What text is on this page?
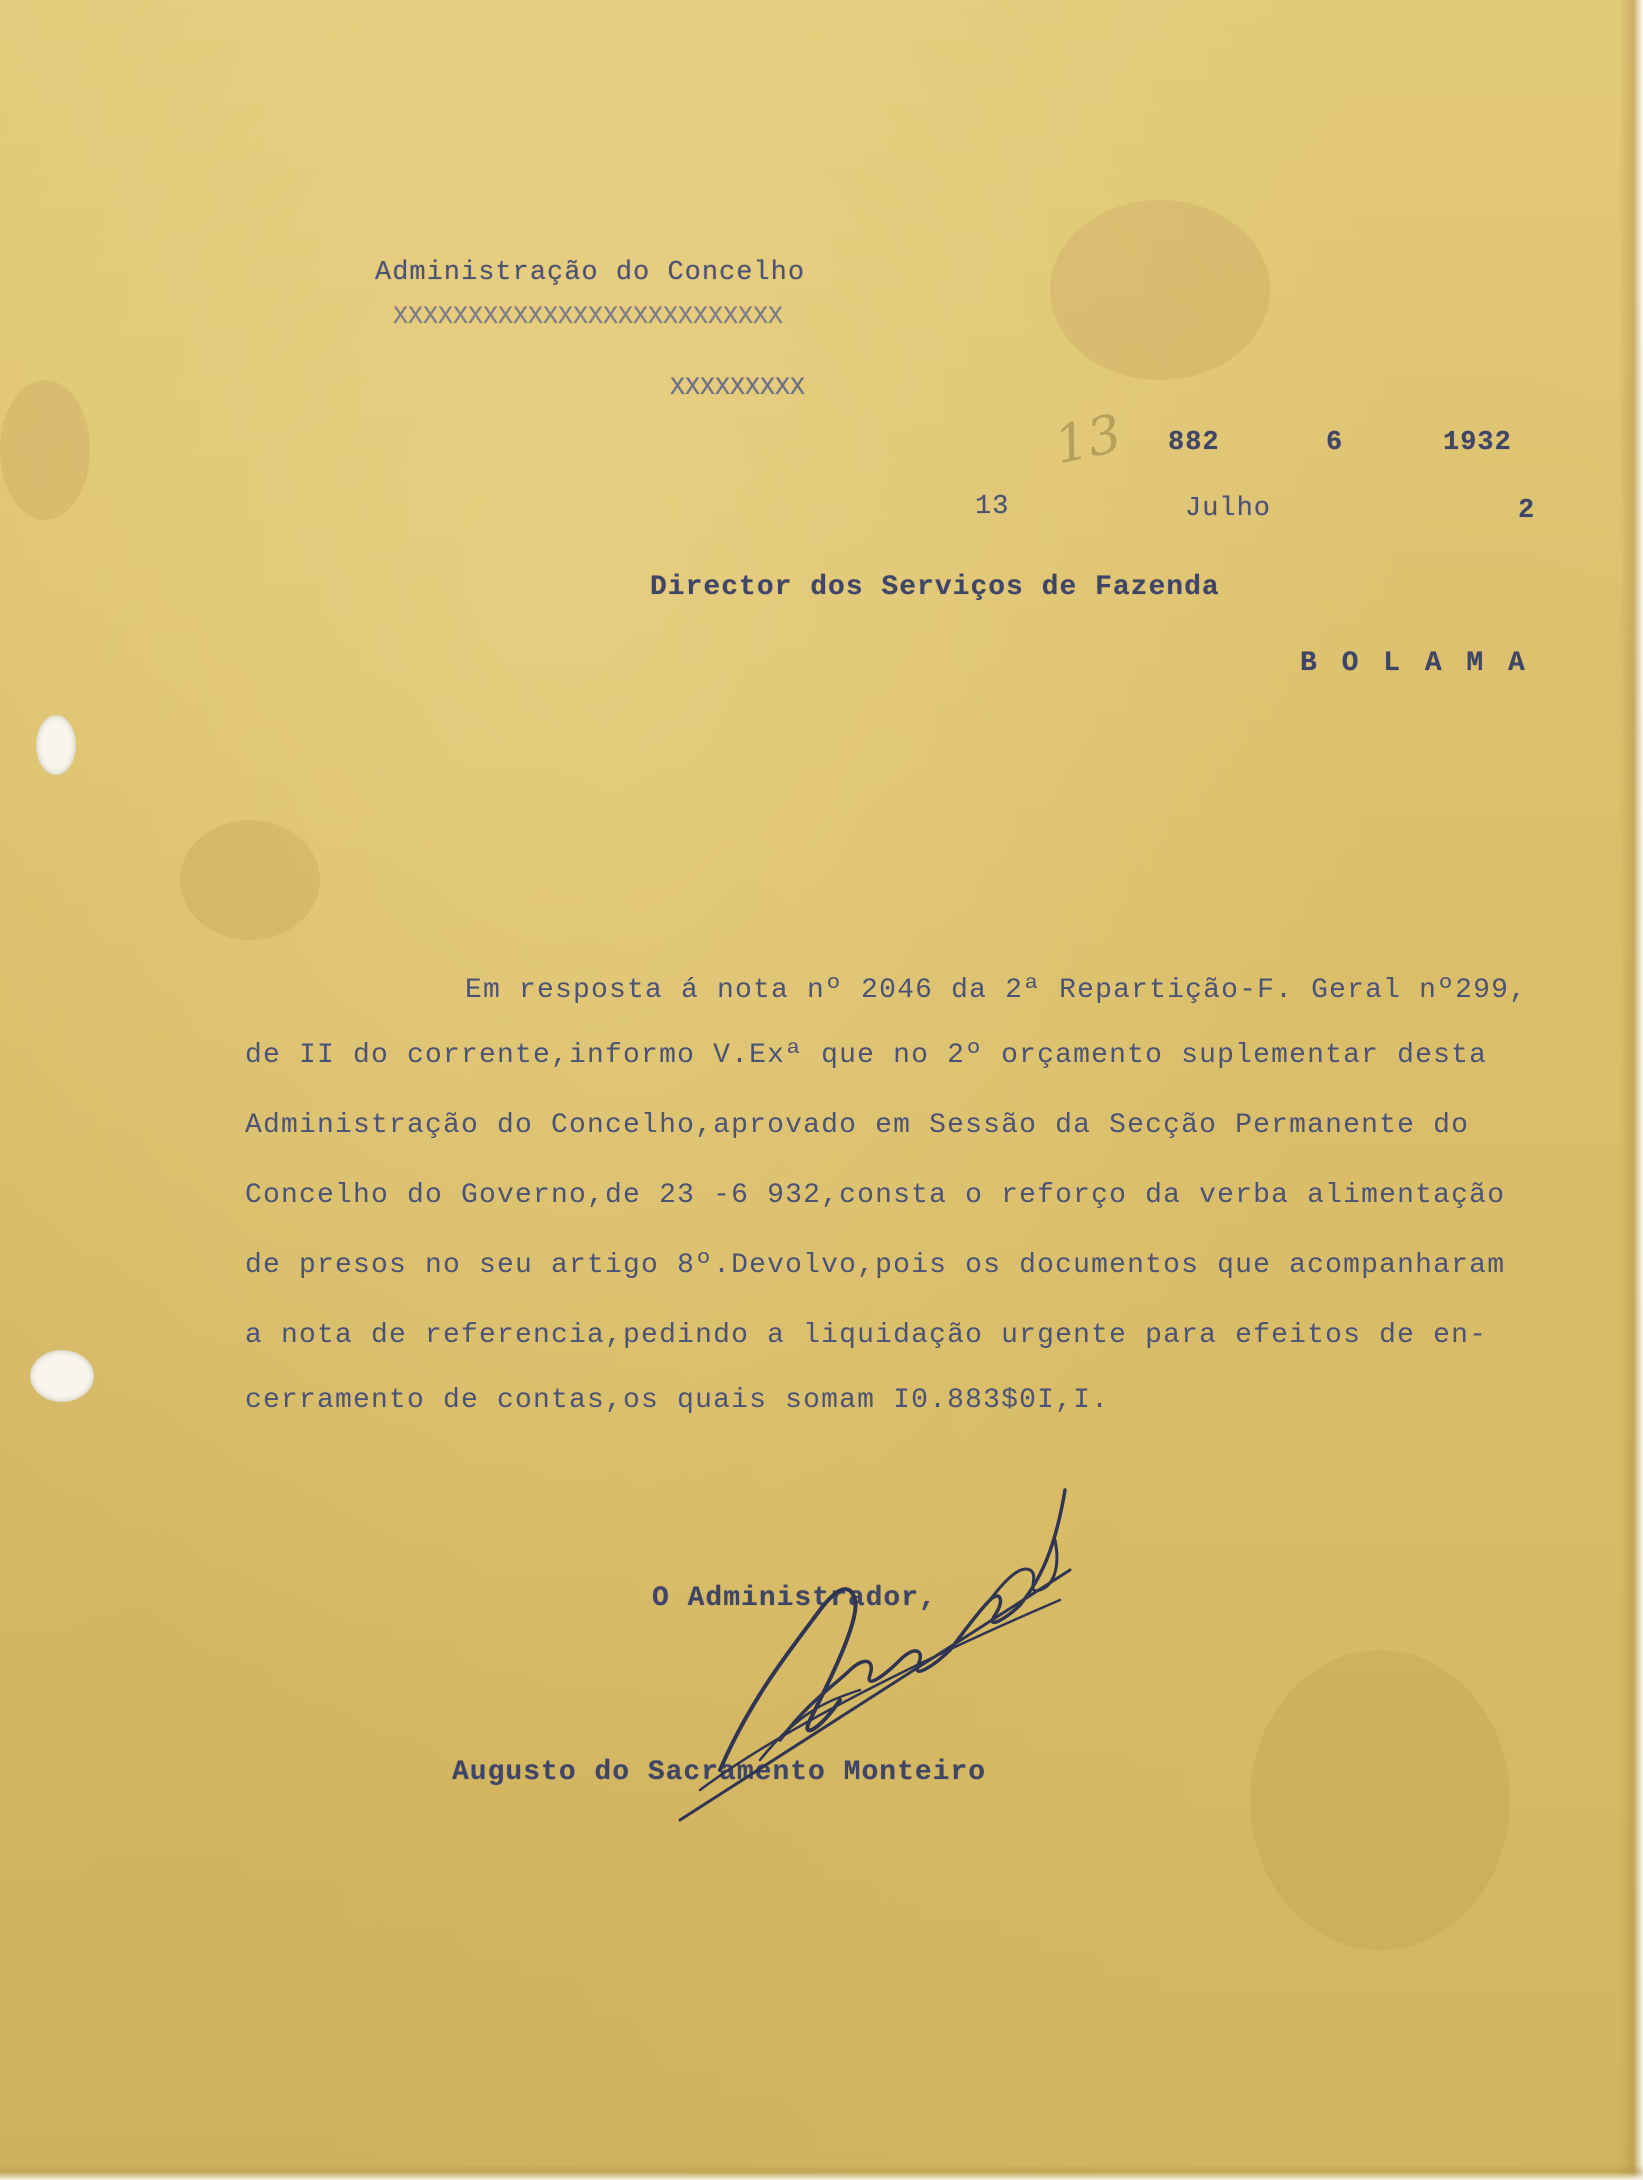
Administração do Concelho
XXXXXXXXXXXXXXXXXXXXXXXXXX
XXXXXXXXX
13 882	6	1932
13	Julho	2
Director dos Serviços de Fazenda
B O L A M A
Em resposta á nota nº 2046 da 2ª Repartição-F. Geral nº299,
de II do corrente,informo V.Exª que no 2º orçamento suplementar desta
Administração do Concelho,aprovado em Sessão da Secção Permanente do
Concelho do Governo,de 23 -6 932,consta o reforço da verba alimentação
de presos no seu artigo 8º.Devolvo,pois os documentos que acompanharam
a nota de referencia,pedindo a liquidação urgente para efeitos de en-
cerramento de contas,os quais somam I0.883$0I,I.
O Administrador,
Augusto do Sacramento Monteiro
